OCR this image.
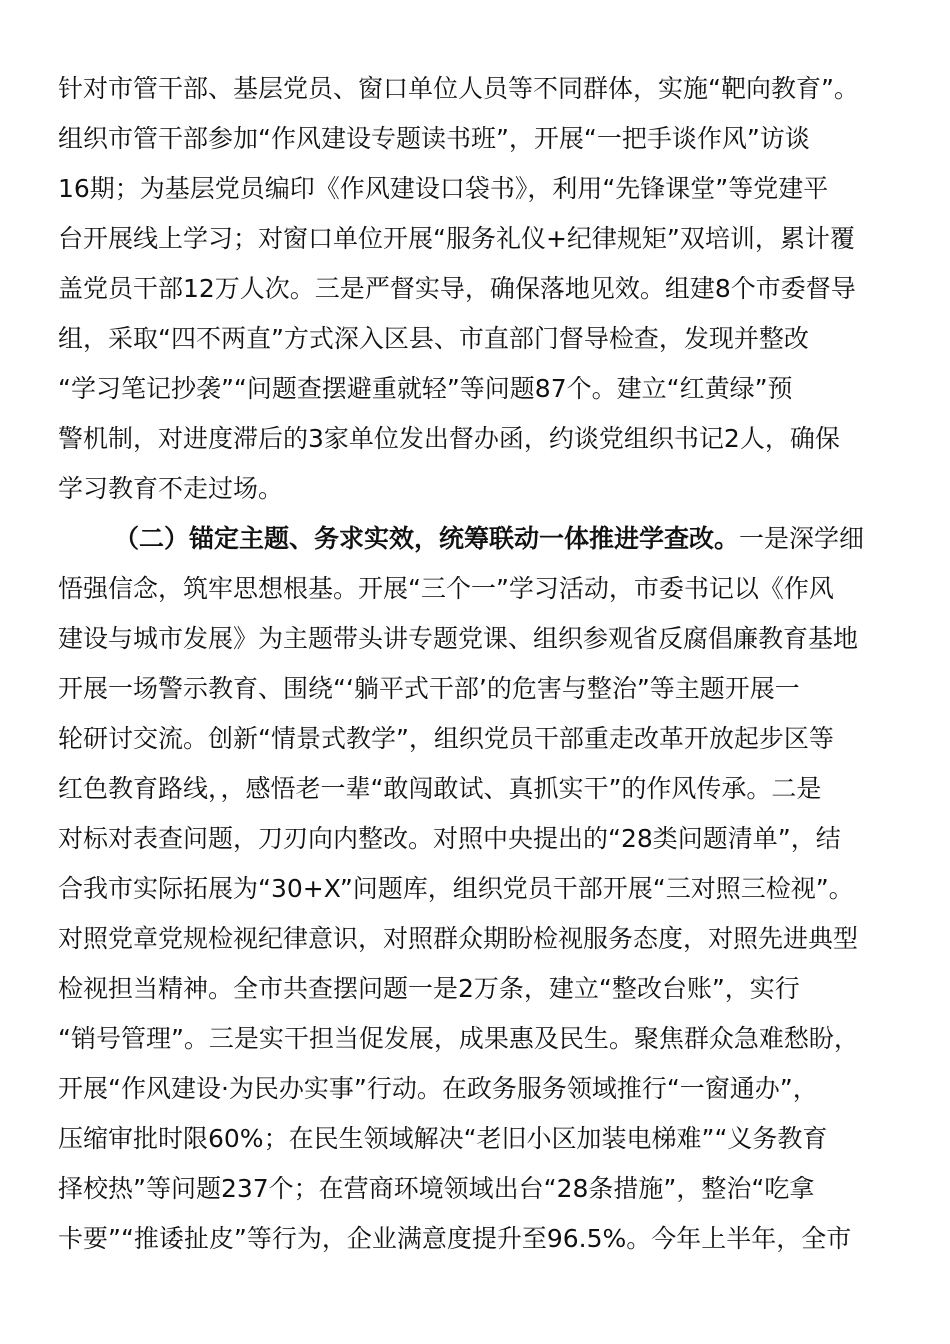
针对市管干部、基层党员、窗口单位人员等不同群体，实施“靶向教育”。
组织市管干部参加“作风建设专题读书班”，开展“一把手谈作风”访谈
16期；为基层党员编印《作风建设口袋书》，利用“先锋课堂”等党建平
台开展线上学习；对窗口单位开展“服务礼仪+纪律规矩”双培训，累计覆
盖党员干部12万人次。三是严督实导，确保落地见效。组建8个市委督导
组，采取“四不两直”方式深入区县、市直部门督导检查，发现并整改
“学习笔记抄袭”“问题查摆避重就轻”等问题87个。建立“红黄绿”预
警机制，对进度滞后的3家单位发出督办函，约谈党组织书记2人，确保
学习教育不走过场。
（二）锚定主题、务求实效，统筹联动一体推进学查改。一是深学细
悟强信念，筑牢思想根基。开展“三个一”学习活动，市委书记以《作风
建设与城市发展》为主题带头讲专题党课、组织参观省反腐倡廉教育基地
开展一场警示教育、围绕“‘躺平式干部’的危害与整治”等主题开展一
轮研讨交流。创新“情景式教学”，组织党员干部重走改革开放起步区等
红色教育路线，，感悟老一辈“敢闯敢试、真抓实干”的作风传承。二是
对标对表查问题，刀刃向内整改。对照中央提出的“28类问题清单”，结
合我市实际拓展为“30+X”问题库，组织党员干部开展“三对照三检视”。
对照党章党规检视纪律意识，对照群众期盼检视服务态度，对照先进典型
检视担当精神。全市共查摆问题一是2万条，建立“整改台账”，实行
“销号管理”。三是实干担当促发展，成果惠及民生。聚焦群众急难愁盼，
开展“作风建设·为民办实事”行动。在政务服务领域推行“一窗通办”，
压缩审批时限60%；在民生领域解决“老旧小区加装电梯难”“义务教育
择校热”等问题237个；在营商环境领域出台“28条措施”，整治“吃拿
卡要”“推诿扯皮”等行为，企业满意度提升至96.5%。今年上半年，全市
